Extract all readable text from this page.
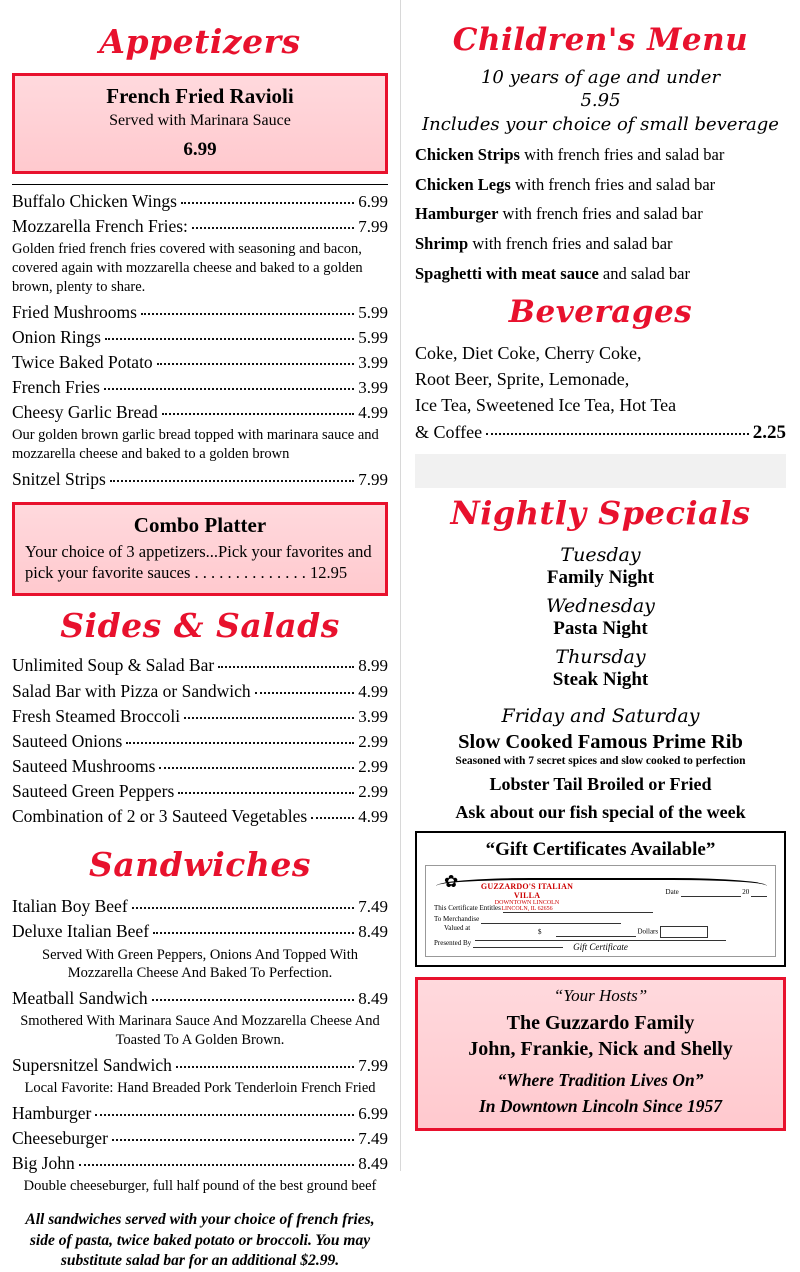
Appetizers
French Fried Ravioli
Served with Marinara Sauce
6.99
Buffalo Chicken Wings	6.99
Mozzarella French Fries:	7.99
Golden fried french fries covered with seasoning and bacon, covered again with mozzarella cheese and baked to a golden brown, plenty to share.
Fried Mushrooms	5.99
Onion Rings	5.99
Twice Baked Potato	3.99
French Fries	3.99
Cheesy Garlic Bread	4.99
Our golden brown garlic bread topped with marinara sauce and mozzarella cheese and baked to a golden brown
Snitzel Strips	7.99
Combo Platter
Your choice of 3 appetizers...Pick your favorites and pick your favorite sauces . . . . . . . . . . . . . . 12.95
Sides & Salads
Unlimited Soup & Salad Bar	8.99
Salad Bar with Pizza or Sandwich	4.99
Fresh Steamed Broccoli	3.99
Sauteed Onions	2.99
Sauteed Mushrooms	2.99
Sauteed Green Peppers	2.99
Combination of 2 or 3 Sauteed Vegetables	4.99
Sandwiches
Italian Boy Beef	7.49
Deluxe Italian Beef	8.49
Served With Green Peppers, Onions And Topped With Mozzarella Cheese And Baked To Perfection.
Meatball Sandwich	8.49
Smothered With Marinara Sauce And Mozzarella Cheese And Toasted To A Golden Brown.
Supersnitzel Sandwich	7.99
Local Favorite: Hand Breaded Pork Tenderloin French Fried
Hamburger	6.99
Cheeseburger	7.49
Big John	8.49
Double cheeseburger, full half pound of the best ground beef
All sandwiches served with your choice of french fries, side of pasta, twice baked potato or broccoli. You may substitute salad bar for an additional $2.99.
Children's Menu
10 years of age and under
5.95
Includes your choice of small beverage
Chicken Strips with french fries and salad bar
Chicken Legs with french fries and salad bar
Hamburger with french fries and salad bar
Shrimp with french fries and salad bar
Spaghetti with meat sauce and salad bar
Beverages
Coke, Diet Coke, Cherry Coke,
Root Beer, Sprite, Lemonade,
Ice Tea, Sweetened Ice Tea, Hot Tea
& Coffee	2.25
Nightly Specials
Tuesday
Family Night
Wednesday
Pasta Night
Thursday
Steak Night
Friday and Saturday
Slow Cooked Famous Prime Rib
Seasoned with 7 secret spices and slow cooked to perfection
Lobster Tail Broiled or Fried
Ask about our fish special of the week
“Gift Certificates Available”
✿	GUZZARDO'S ITALIAN VILLA
DOWNTOWN LINCOLN
LINCOLN, IL 62656
Date	20
This Certificate Entitles
To Merchandise
Valued at	Dollars
$
Presented By	Gift Certificate
“Your Hosts”
The Guzzardo Family
John, Frankie, Nick and Shelly
“Where Tradition Lives On”
In Downtown Lincoln Since 1957
